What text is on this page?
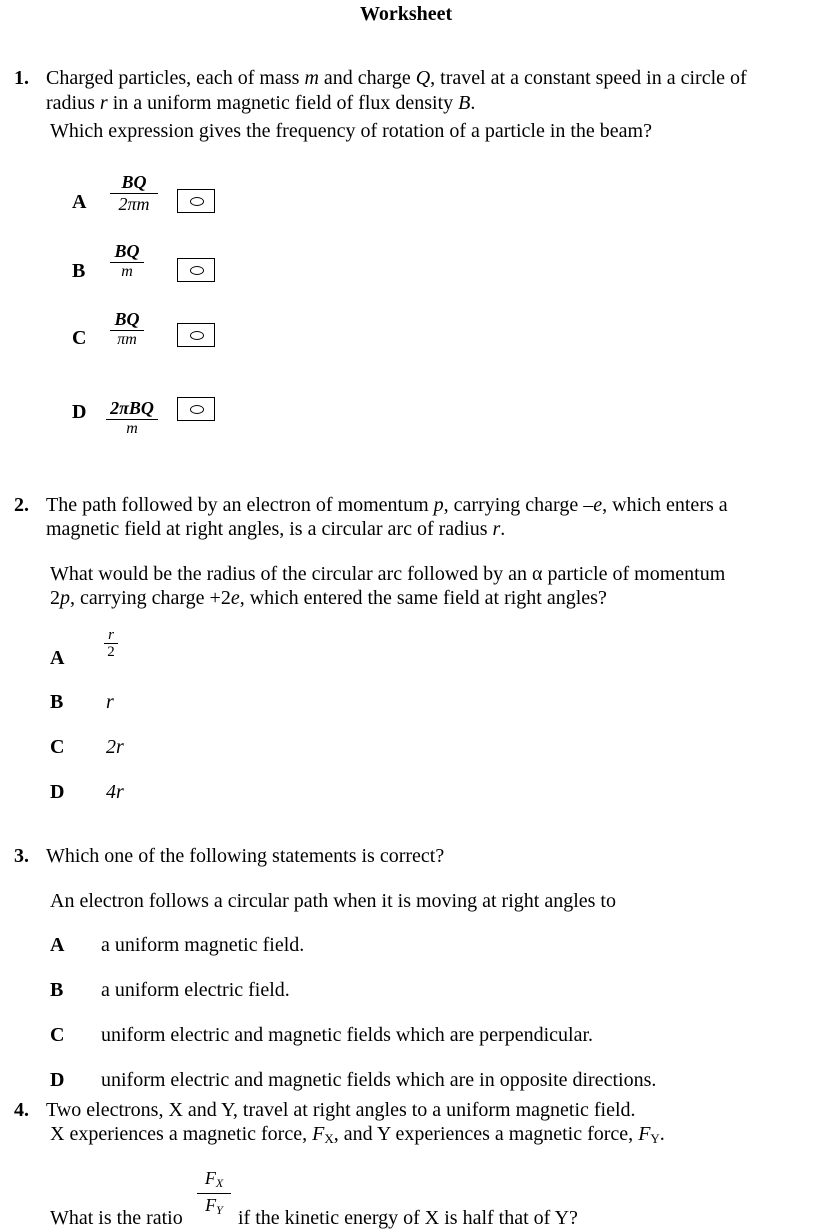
Worksheet
1. Charged particles, each of mass m and charge Q, travel at a constant speed in a circle of
radius r in a uniform magnetic field of flux density B.
Which expression gives the frequency of rotation of a particle in the beam?
A
BQ
2πm
B
BQ
m
C
BQ
πm
D 2πBQ
m
2. The path followed by an electron of momentum p, carrying charge –e, which enters a
magnetic field at right angles, is a circular arc of radius r.
What would be the radius of the circular arc followed by an α particle of momentum
2p, carrying charge +2e, which entered the same field at right angles?
A
r
2
B r
C 2r
D 4r
3. Which one of the following statements is correct?
An electron follows a circular path when it is moving at right angles to
A a uniform magnetic field.
B a uniform electric field.
C uniform electric and magnetic fields which are perpendicular.
D uniform electric and magnetic fields which are in opposite directions.
4. Two electrons, X and Y, travel at right angles to a uniform magnetic field.
X experiences a magnetic force, $F_X$, and Y experiences a magnetic force, $F_Y$.
What is the ratio
$F_X$
$F_Y$ if the kinetic energy of X is half that of Y?
